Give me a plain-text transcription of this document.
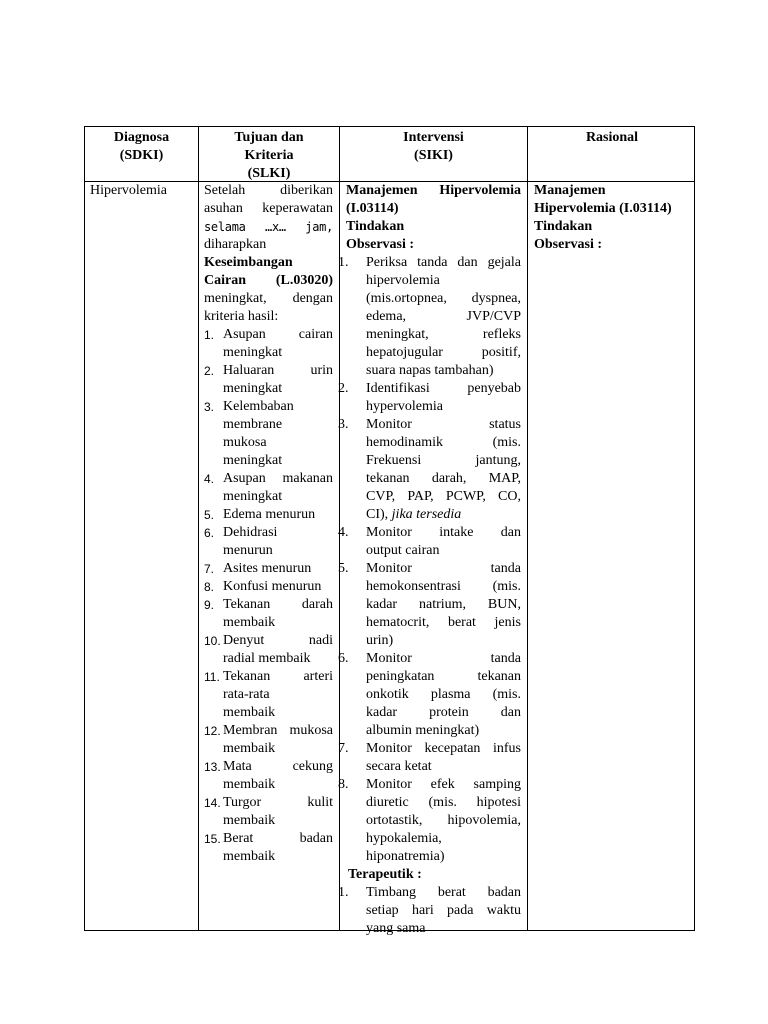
Diagnosa
(SDKI)
Tujuan dan
Kriteria
(SLKI)
Intervensi
(SIKI)
Rasional
Hipervolemia	Setelah diberikan
asuhan keperawatan
selama …x… jam,
diharapkan
Keseimbangan
Cairan (L.03020)
meningkat, dengan
kriteria hasil:
1. Asupan cairan
meningkat
2. Haluaran urin
meningkat
3. Kelembaban
membrane
mukosa
meningkat
4. Asupan makanan
meningkat
5. Edema menurun
6. Dehidrasi
menurun
7. Asites menurun
8. Konfusi menurun
9. Tekanan darah
membaik
10. Denyut nadi
radial membaik
11. Tekanan arteri
rata-rata
membaik
12. Membran mukosa
membaik
13. Mata cekung
membaik
14. Turgor kulit
membaik
15. Berat badan
membaik
Manajemen Hipervolemia
(I.03114)
Tindakan
Observasi :
1. Periksa tanda dan gejala
hipervolemia
(mis.ortopnea, dyspnea,
edema, JVP/CVP
meningkat, refleks
hepatojugular positif,
suara napas tambahan)
2. Identifikasi penyebab
hypervolemia
3. Monitor status
hemodinamik (mis.
Frekuensi jantung,
tekanan darah, MAP,
CVP, PAP, PCWP, CO,
CI), jika tersedia
4. Monitor intake dan
output cairan
5. Monitor tanda
hemokonsentrasi (mis.
kadar natrium, BUN,
hematocrit, berat jenis
urin)
6. Monitor tanda
peningkatan tekanan
onkotik plasma (mis.
kadar protein dan
albumin meningkat)
7. Monitor kecepatan infus
secara ketat
8. Monitor efek samping
diuretic (mis. hipotesi
ortotastik, hipovolemia,
hypokalemia,
hiponatremia)
Terapeutik :
1. Timbang berat badan
setiap hari pada waktu
yang sama
Manajemen
Hipervolemia (I.03114)
Tindakan
Observasi :
